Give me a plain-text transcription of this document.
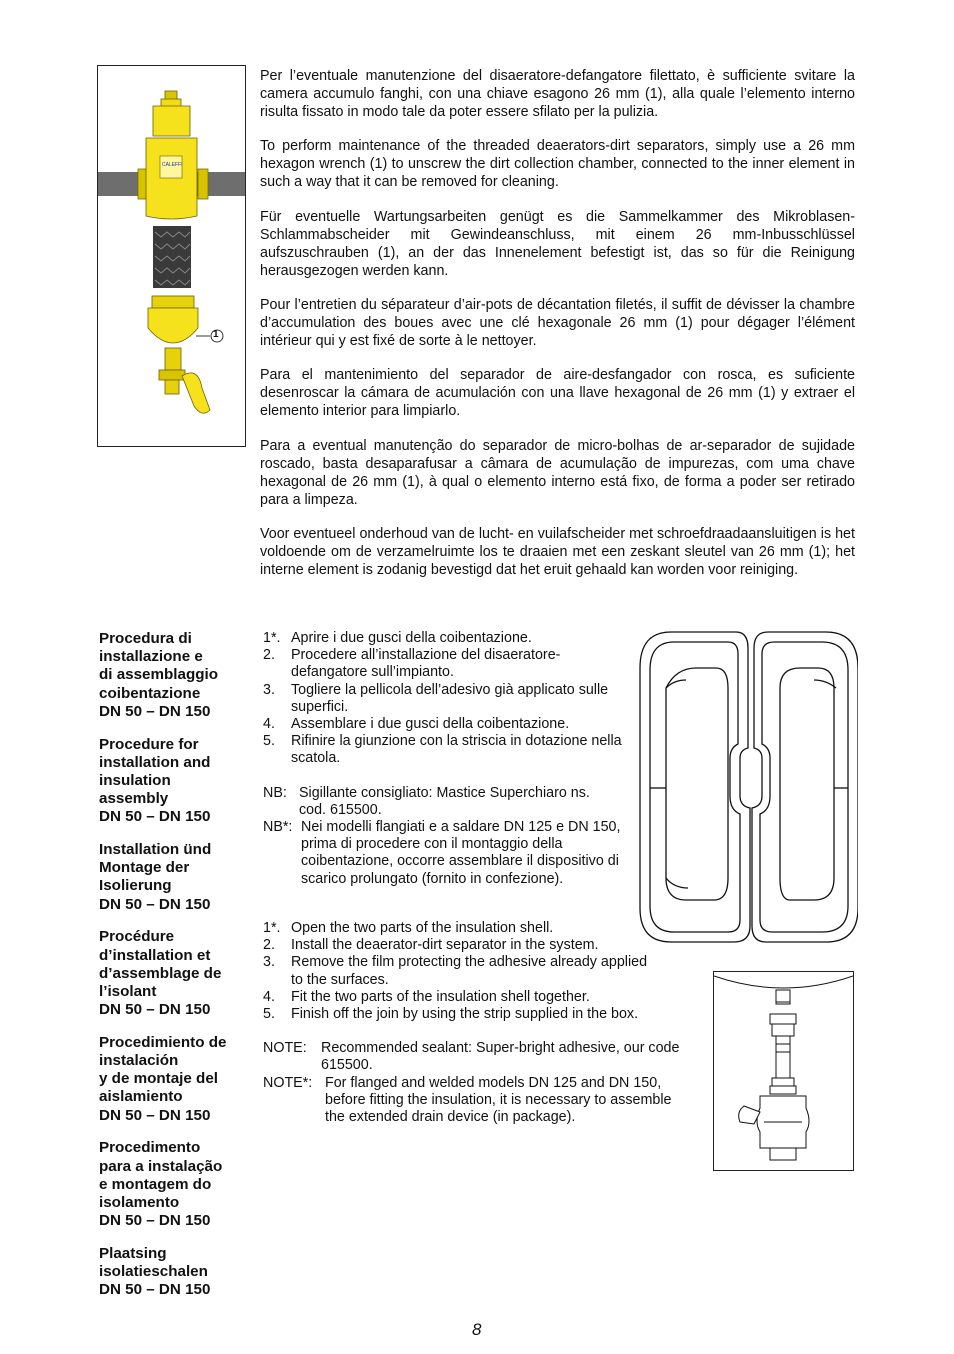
CALEFFI
1

Per l’eventuale manutenzione del disaeratore-defangatore filettato, è sufficiente svitare la camera accumulo fanghi, con una chiave esagono 26 mm (1), alla quale l’elemento interno risulta fissato in modo tale da poter essere sfilato per la pulizia.

To perform maintenance of the threaded deaerators-dirt separators, simply use a 26 mm hexagon wrench (1) to unscrew the dirt collection chamber, connected to the inner element in such a way that it can be removed for cleaning.

Für eventuelle Wartungsarbeiten genügt es die Sammelkammer des Mikroblasen-Schlammabscheider mit Gewindeanschluss, mit einem 26 mm-Inbusschlüssel aufszuschrauben (1), an der das Innenelement befestigt ist, das so für die Reinigung herausgezogen werden kann.

Pour l’entretien du séparateur d’air-pots de décantation filetés, il suffit de dévisser la chambre d’accumulation des boues avec une clé hexagonale 26 mm (1) pour dégager l’élément intérieur qui y est fixé de sorte à le nettoyer.

Para el mantenimiento del separador de aire-desfangador con rosca, es suficiente desenroscar la cámara de acumulación con una llave hexagonal de 26 mm (1) y extraer el elemento interior para limpiarlo.

Para a eventual manutenção do separador de micro-bolhas de ar-separador de sujidade roscado, basta desaparafusar a câmara de acumulação de impurezas, com uma chave hexagonal de 26 mm (1), à qual o elemento interno está fixo, de forma a poder ser retirado para a limpeza.

Voor eventueel onderhoud van de lucht- en vuilafscheider met schroefdraadaansluitigen is het voldoende om de verzamelruimte los te draaien met een zeskant sleutel van 26 mm (1); het interne element is zodanig bevestigd dat het eruit gehaald kan worden voor reiniging.

Procedura di
installazione e
di assemblaggio
coibentazione
DN 50 – DN 150

Procedure for
installation and
insulation
assembly
DN 50 – DN 150

Installation ünd
Montage der
Isolierung
DN 50 – DN 150

Procédure
d’installation et
d’assemblage de
l’isolant
DN 50 – DN 150

Procedimiento de
instalación
y de montaje del
aislamiento
DN 50 – DN 150

Procedimento
para a instalação
e montagem do
isolamento
DN 50 – DN 150

Plaatsing
isolatieschalen
DN 50 – DN 150

1*. Aprire i due gusci della coibentazione.

2. Procedere all’installazione del disaeratore-defangatore sull’impianto.

3. Togliere la pellicola dell’adesivo già applicato sulle superfici.

4. Assemblare i due gusci della coibentazione.

5. Rifinire la giunzione con la striscia in dotazione nella scatola.

NB: Sigillante consigliato: Mastice Superchiaro ns. cod. 615500.

NB*: Nei modelli flangiati e a saldare DN 125 e DN 150, prima di procedere con il montaggio della coibentazione, occorre assemblare il dispositivo di scarico prolungato (fornito in confezione).

1*. Open the two parts of the insulation shell.

2. Install the deaerator-dirt separator in the system.

3. Remove the film protecting the adhesive already applied to the surfaces.

4. Fit the two parts of the insulation shell together.

5. Finish off the join by using the strip supplied in the box.

NOTE: Recommended sealant: Super-bright adhesive, our code 615500.

NOTE*: For flanged and welded models DN 125 and DN 150, before fitting the insulation, it is necessary to assemble the extended drain device (in package).

8
